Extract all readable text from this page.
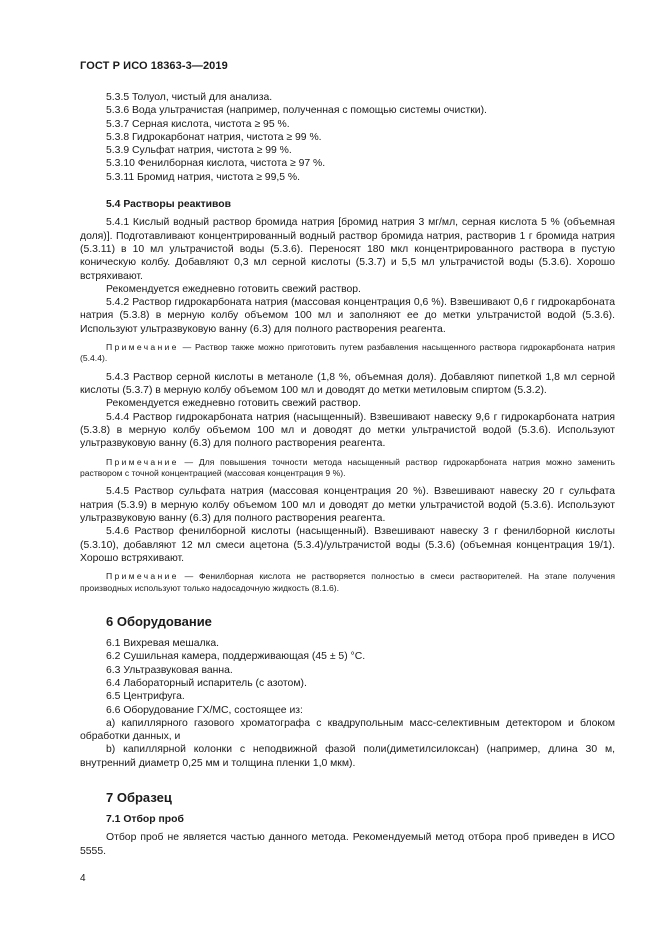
ГОСТ Р ИСО 18363-3—2019

5.3.5 Толуол, чистый для анализа.

5.3.6 Вода ультрачистая (например, полученная с помощью системы очистки).

5.3.7 Серная кислота, чистота ≥ 95 %.

5.3.8 Гидрокарбонат натрия, чистота ≥ 99 %.

5.3.9 Сульфат натрия, чистота ≥ 99 %.

5.3.10 Фенилборная кислота, чистота ≥ 97 %.

5.3.11 Бромид натрия, чистота ≥ 99,5 %.

5.4 Растворы реактивов

5.4.1 Кислый водный раствор бромида натрия [бромид натрия 3 мг/мл, серная кислота 5 % (объемная доля)]. Подготавливают концентрированный водный раствор бромида натрия, растворив 1 г бромида натрия (5.3.11) в 10 мл ультрачистой воды (5.3.6). Переносят 180 мкл концентрированного раствора в пустую коническую колбу. Добавляют 0,3 мл серной кислоты (5.3.7) и 5,5 мл ультрачистой воды (5.3.6). Хорошо встряхивают.

Рекомендуется ежедневно готовить свежий раствор.

5.4.2 Раствор гидрокарбоната натрия (массовая концентрация 0,6 %). Взвешивают 0,6 г гидрокарбоната натрия (5.3.8) в мерную колбу объемом 100 мл и заполняют ее до метки ультрачистой водой (5.3.6). Используют ультразвуковую ванну (6.3) для полного растворения реагента.

Примечание — Раствор также можно приготовить путем разбавления насыщенного раствора гидрокарбоната натрия (5.4.4).

5.4.3 Раствор серной кислоты в метаноле (1,8 %, объемная доля). Добавляют пипеткой 1,8 мл серной кислоты (5.3.7) в мерную колбу объемом 100 мл и доводят до метки метиловым спиртом (5.3.2).

Рекомендуется ежедневно готовить свежий раствор.

5.4.4 Раствор гидрокарбоната натрия (насыщенный). Взвешивают навеску 9,6 г гидрокарбоната натрия (5.3.8) в мерную колбу объемом 100 мл и доводят до метки ультрачистой водой (5.3.6). Используют ультразвуковую ванну (6.3) для полного растворения реагента.

Примечание — Для повышения точности метода насыщенный раствор гидрокарбоната натрия можно заменить раствором с точной концентрацией (массовая концентрация 9 %).

5.4.5 Раствор сульфата натрия (массовая концентрация 20 %). Взвешивают навеску 20 г сульфата натрия (5.3.9) в мерную колбу объемом 100 мл и доводят до метки ультрачистой водой (5.3.6). Используют ультразвуковую ванну (6.3) для полного растворения реагента.

5.4.6 Раствор фенилборной кислоты (насыщенный). Взвешивают навеску 3 г фенилборной кислоты (5.3.10), добавляют 12 мл смеси ацетона (5.3.4)/ультрачистой воды (5.3.6) (объемная концентрация 19/1). Хорошо встряхивают.

Примечание — Фенилборная кислота не растворяется полностью в смеси растворителей. На этапе получения производных используют только надосадочную жидкость (8.1.6).

6 Оборудование

6.1 Вихревая мешалка.

6.2 Сушильная камера, поддерживающая (45 ± 5) °С.

6.3 Ультразвуковая ванна.

6.4 Лабораторный испаритель (с азотом).

6.5 Центрифуга.

6.6 Оборудование ГХ/МС, состоящее из:

a) капиллярного газового хроматографа с квадрупольным масс-селективным детектором и блоком обработки данных, и

b) капиллярной колонки с неподвижной фазой поли(диметилсилоксан) (например, длина 30 м, внутренний диаметр 0,25 мм и толщина пленки 1,0 мкм).

7 Образец

7.1 Отбор проб

Отбор проб не является частью данного метода. Рекомендуемый метод отбора проб приведен в ИСО 5555.

4
